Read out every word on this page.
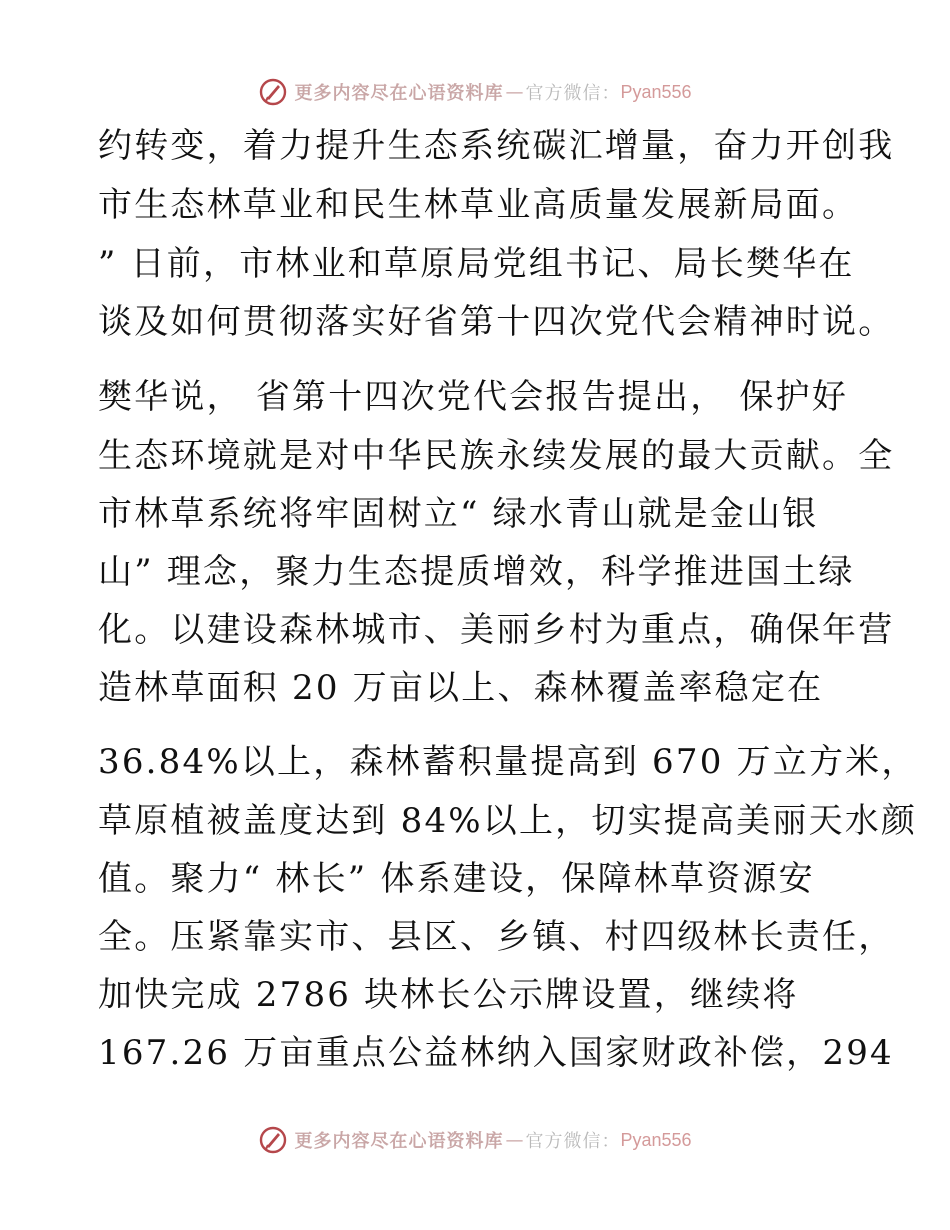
更多内容尽在心语资料库 — 官方微信： Pyan556
约转变，着力提升生态系统碳汇增量，奋力开创我
市生态林草业和民生林草业高质量发展新局面。
” 日前，市林业和草原局党组书记、局长樊华在
谈及如何贯彻落实好省第十四次党代会精神时说。
樊华说， 省第十四次党代会报告提出， 保护好
生态环境就是对中华民族永续发展的最大贡献。全
市林草系统将牢固树立“ 绿水青山就是金山银
山” 理念，聚力生态提质增效，科学推进国土绿
化。以建设森林城市、美丽乡村为重点，确保年营
造林草面积 20 万亩以上、森林覆盖率稳定在
36.84%以上，森林蓄积量提高到 670 万立方米，
草原植被盖度达到 84%以上，切实提高美丽天水颜
值。聚力“ 林长” 体系建设，保障林草资源安
全。压紧靠实市、县区、乡镇、村四级林长责任，
加快完成 2786 块林长公示牌设置，继续将
167.26 万亩重点公益林纳入国家财政补偿，294
更多内容尽在心语资料库 — 官方微信： Pyan556
